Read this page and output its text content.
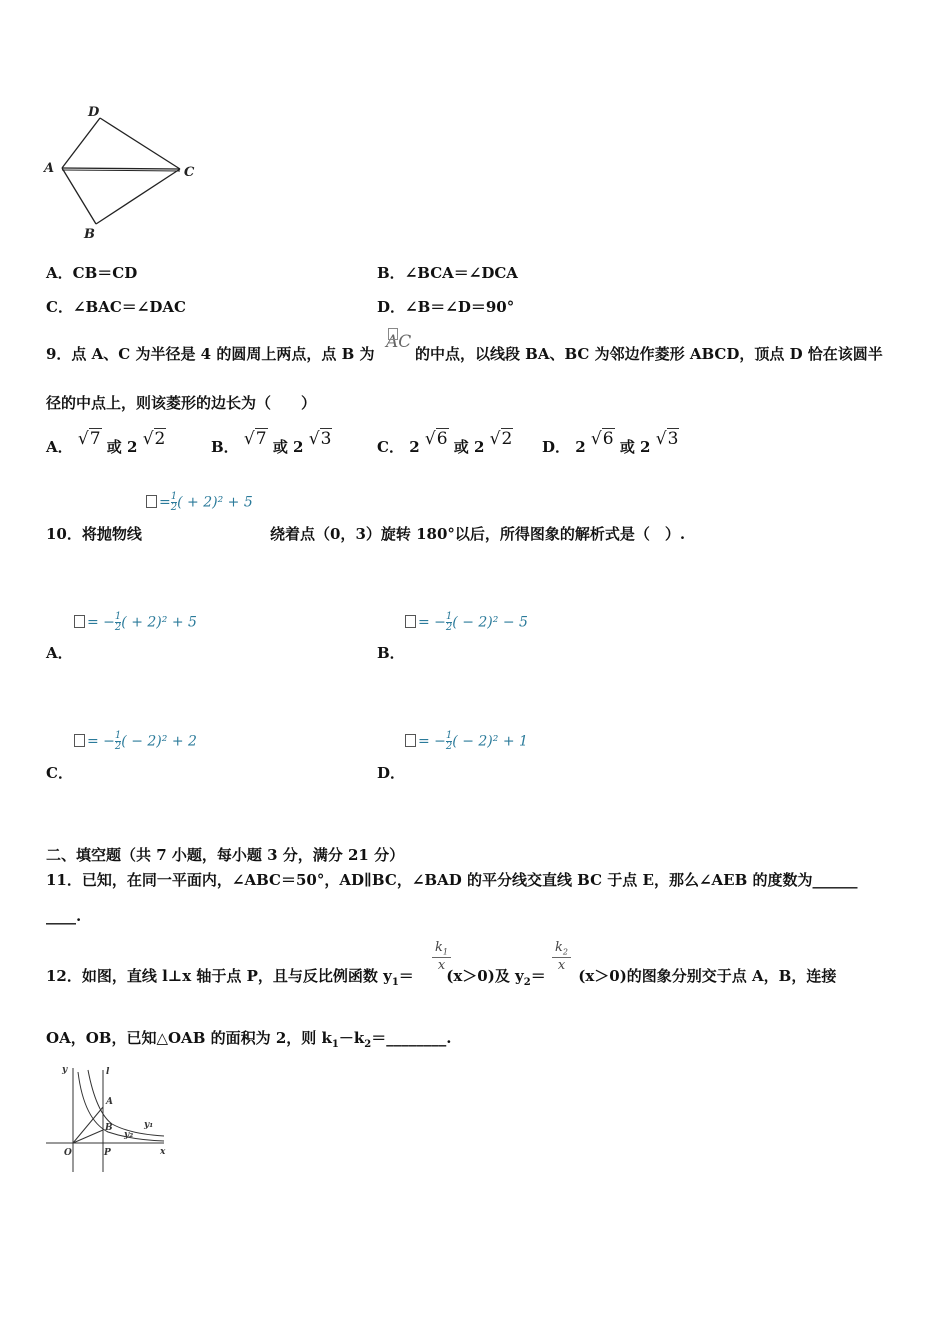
D
A	C
B
A．CB＝CD	B．∠BCA＝∠DCA
C．∠BAC＝∠DAC	D．∠B＝∠D＝90°
9．点 A、C 为半径是 4 的圆周上两点，点 B 为	的中点，以线段 BA、BC 为邻边作菱形 ABCD，顶点 D 恰在该圆半
AC
径的中点上，则该菱形的边长为（　　）
A． √7 或 2 √2	B． √7 或 2 √3	C． 2 √6 或 2 √2 D． 2 √6 或 2 √3
= $\frac{1}{2}$ ( + 2)² + 5
10．将抛物线	绕着点（0，3）旋转 180°以后，所得图象的解析式是（　）.
= − $\frac{1}{2}$ ( + 2)² + 5
A．
= − $\frac{1}{2}$ ( − 2)² − 5
B．
= − $\frac{1}{2}$ ( − 2)² + 2
C．
= − $\frac{1}{2}$ ( − 2)² + 1
D．
二、填空题（共 7 小题，每小题 3 分，满分 21 分）
11．已知，在同一平面内，∠ABC＝50°，AD∥BC，∠BAD 的平分线交直线 BC 于点 E，那么∠AEB 的度数为______
____.
12．如图，直线 l⊥x 轴于点 P，且与反比例函数 $y_1= (x>0)$及 $y_2= (x>0)$的图象分别交于点 A，B，连接
$\frac{k_1}{x}$	$\frac{k_2}{x}$
OA，OB，已知△OAB 的面积为 2，则 $k_1-k_2=\_\_\_\_\_\_\_\_$.
y	l
A
B	y₁
y₂
O	P	x
